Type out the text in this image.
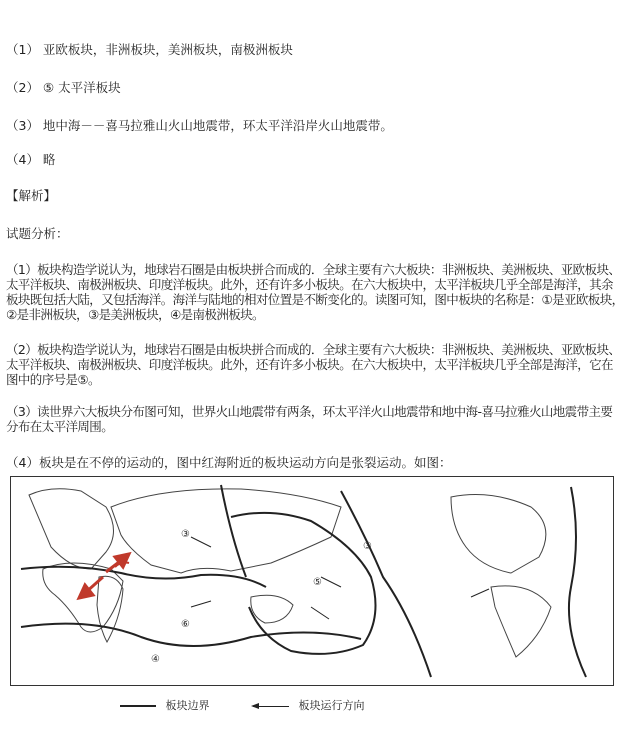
（1） 亚欧板块，非洲板块，美洲板块，南极洲板块
（2） ⑤ 太平洋板块
（3） 地中海－－喜马拉雅山火山地震带，环太平洋沿岸火山地震带。
（4） 略
【解析】
试题分析：
（1）板块构造学说认为，地球岩石圈是由板块拼合而成的．全球主要有六大板块：非洲板块、美洲板块、亚欧板块、太平洋板块、南极洲板块、印度洋板块。此外，还有许多小板块。在六大板块中，太平洋板块几乎全部是海洋，其余板块既包括大陆，又包括海洋。海洋与陆地的相对位置是不断变化的。读图可知，图中板块的名称是：①是亚欧板块，②是非洲板块，③是美洲板块，④是南极洲板块。
（2）板块构造学说认为，地球岩石圈是由板块拼合而成的．全球主要有六大板块：非洲板块、美洲板块、亚欧板块、太平洋板块、南极洲板块、印度洋板块。此外，还有许多小板块。在六大板块中，太平洋板块几乎全部是海洋，它在图中的序号是⑤。
（3）读世界六大板块分布图可知，世界火山地震带有两条，环太平洋火山地震带和地中海-喜马拉雅火山地震带主要分布在太平洋周围。
（4）板块是在不停的运动的，图中红海附近的板块运动方向是张裂运动。如图：
③
③
⑤
⑥
④
板块边界	板块运行方向
